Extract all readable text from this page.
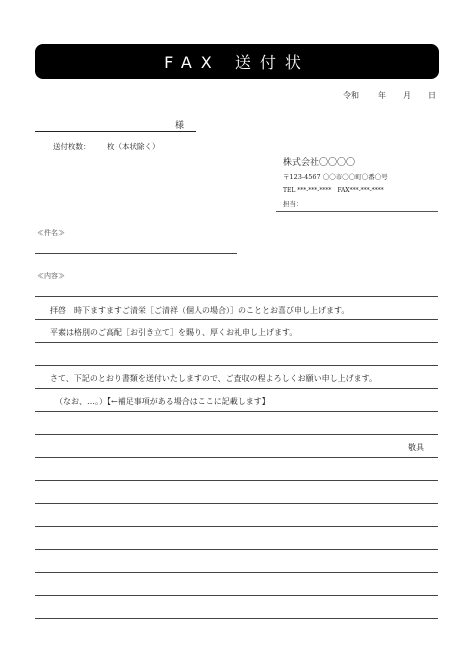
FAX 送付状
令和 年 月 日
様
送付枚数： 枚（本状除く）
株式会社〇〇〇〇
〒123-4567 〇〇市〇〇町〇番〇号
TEL ***-***-****　FAX***-***-****
担当：
≪件名≫
≪内容≫
拝啓　時下ますますご清栄［ご清祥（個人の場合）］のこととお喜び申し上げます。
平素は格別のご高配［お引き立て］を賜り、厚くお礼申し上げます。
さて、下記のとおり書類を送付いたしますので、ご査収の程よろしくお願い申し上げます。
（なお、…。）【←補足事項がある場合はここに記載します】
敬具
